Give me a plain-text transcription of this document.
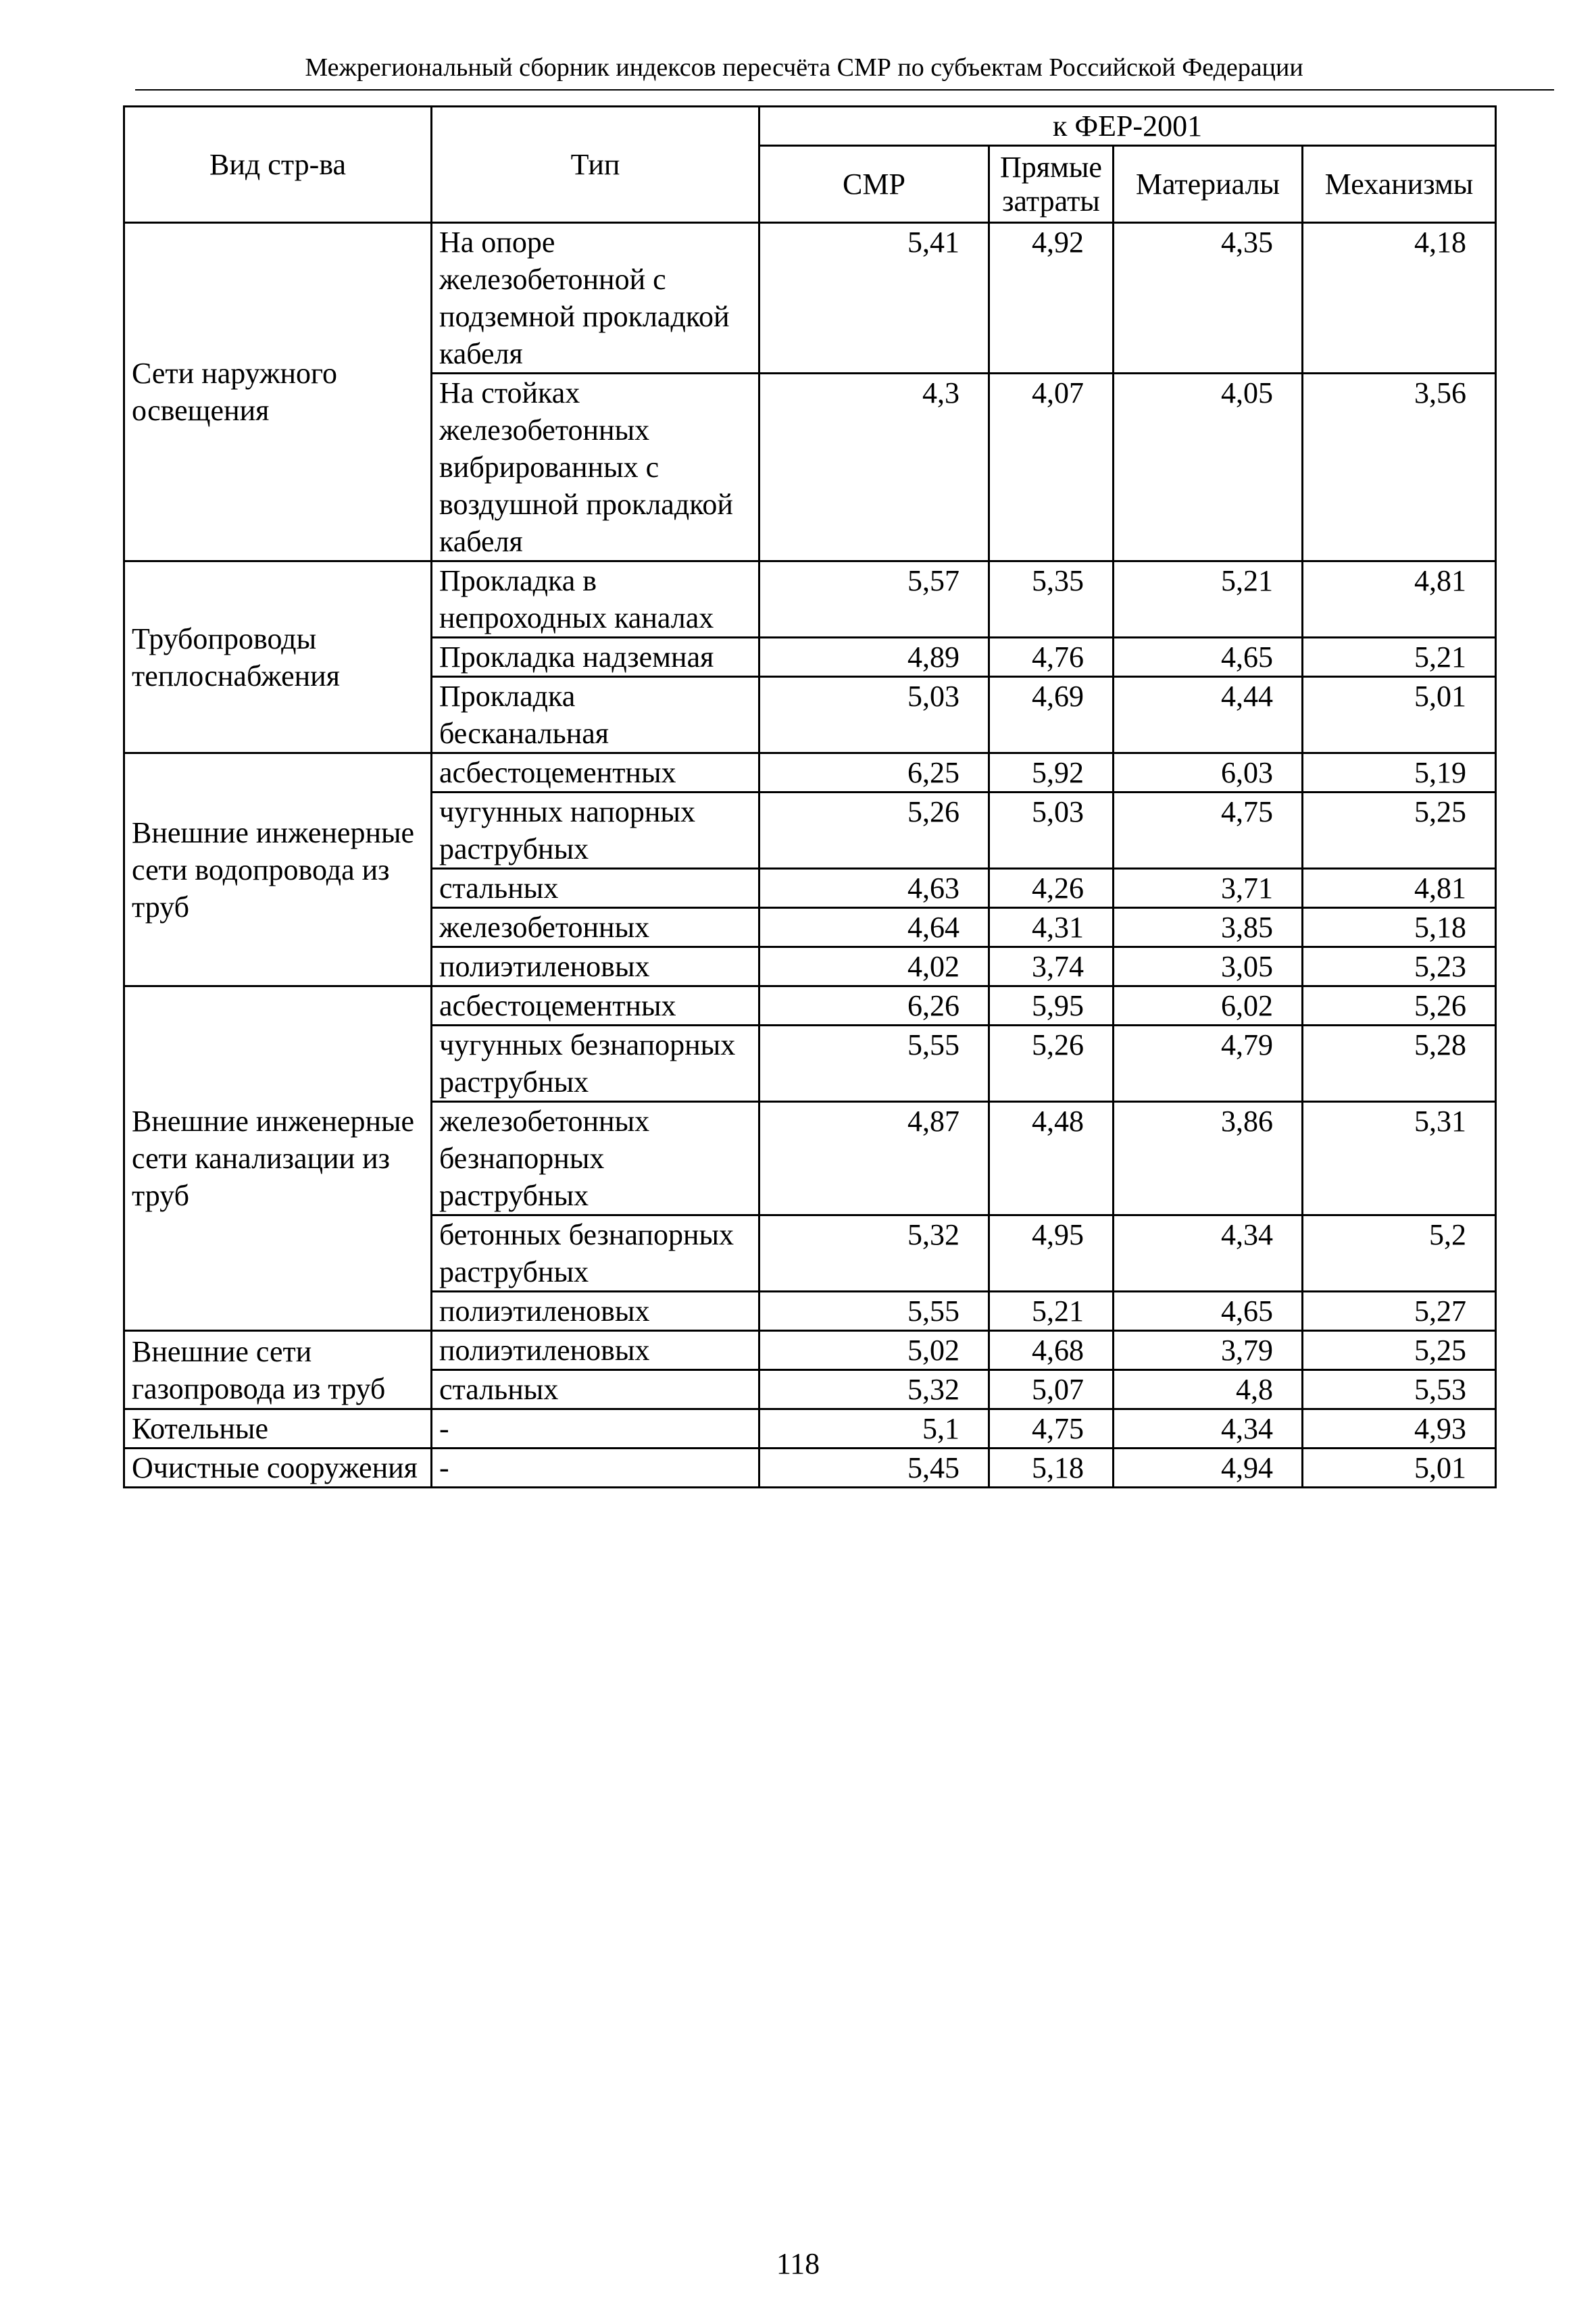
Межрегиональный сборник индексов пересчёта СМР по субъектам Российской Федерации
Вид стр-ва	Тип	к ФЕР-2001			
		СМР	Прямые затраты	Материалы	Механизмы
Сети наружного освещения	На опоре железобетонной с подземной прокладкой кабеля	5,41	4,92	4,35	4,18
	На стойках железобетонных вибрированных с воздушной прокладкой кабеля	4,3	4,07	4,05	3,56
Трубопроводы теплоснабжения	Прокладка в непроходных каналах	5,57	5,35	5,21	4,81
	Прокладка надземная	4,89	4,76	4,65	5,21
	Прокладка бесканальная	5,03	4,69	4,44	5,01
Внешние инженерные сети водопровода из труб	асбестоцементных	6,25	5,92	6,03	5,19
	чугунных напорных раструбных	5,26	5,03	4,75	5,25
	стальных	4,63	4,26	3,71	4,81
	железобетонных	4,64	4,31	3,85	5,18
	полиэтиленовых	4,02	3,74	3,05	5,23
Внешние инженерные сети канализации из труб	асбестоцементных	6,26	5,95	6,02	5,26
	чугунных безнапорных раструбных	5,55	5,26	4,79	5,28
	железобетонных безнапорных раструбных	4,87	4,48	3,86	5,31
	бетонных безнапорных раструбных	5,32	4,95	4,34	5,2
	полиэтиленовых	5,55	5,21	4,65	5,27
Внешние сети газопровода из труб	полиэтиленовых	5,02	4,68	3,79	5,25
	стальных	5,32	5,07	4,8	5,53
Котельные	-	5,1	4,75	4,34	4,93
Очистные сооружения	-	5,45	5,18	4,94	5,01
118
